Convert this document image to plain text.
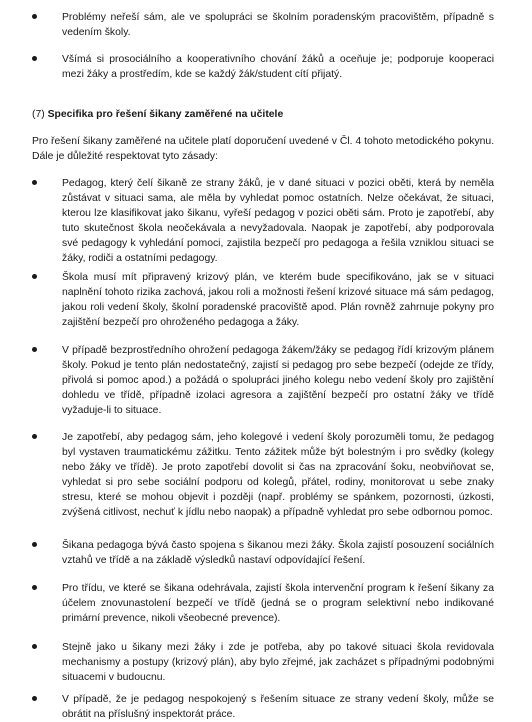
Problémy neřeší sám, ale ve spolupráci se školním poradenským pracovištěm, případně s vedením školy.
Všímá si prosociálního a kooperativního chování žáků a oceňuje je; podporuje kooperaci mezi žáky a prostředím, kde se každý žák/student cítí přijatý.
(7) Specifika pro řešení šikany zaměřené na učitele
Pro řešení šikany zaměřené na učitele platí doporučení uvedené v Čl. 4 tohoto metodického pokynu.
Dále je důležité respektovat tyto zásady:
Pedagog, který čelí šikaně ze strany žáků, je v dané situaci v pozici oběti, která by neměla zůstávat v situaci sama, ale měla by vyhledat pomoc ostatních. Nelze očekávat, že situaci, kterou lze klasifikovat jako šikanu, vyřeší pedagog v pozici oběti sám. Proto je zapotřebí, aby tuto skutečnost škola neočekávala a nevyžadovala. Naopak je zapotřebí, aby podporovala své pedagogy k vyhledání pomoci, zajistila bezpečí pro pedagoga a řešila vzniklou situaci se žáky, rodiči a ostatními pedagogy.
Škola musí mít připravený krizový plán, ve kterém bude specifikováno, jak se v situaci naplnění tohoto rizika zachová, jakou roli a možnosti řešení krizové situace má sám pedagog, jakou roli vedení školy, školní poradenské pracoviště apod. Plán rovněž zahrnuje pokyny pro zajištění bezpečí pro ohroženého pedagoga a žáky.
V případě bezprostředního ohrožení pedagoga žákem/žáky se pedagog řídí krizovým plánem školy. Pokud je tento plán nedostatečný, zajistí si pedagog pro sebe bezpečí (odejde ze třídy, přivolá si pomoc apod.) a požádá o spolupráci jiného kolegu nebo vedení školy pro zajištění dohledu ve třídě, případně izolaci agresora a zajištění bezpečí pro ostatní žáky ve třídě vyžaduje-li to situace.
Je zapotřebí, aby pedagog sám, jeho kolegové i vedení školy porozuměli tomu, že pedagog byl vystaven traumatickému zážitku. Tento zážitek může být bolestným i pro svědky (kolegy nebo žáky ve třídě). Je proto zapotřebí dovolit si čas na zpracování šoku, neobviňovat se, vyhledat si pro sebe sociální podporu od kolegů, přátel, rodiny, monitorovat u sebe znaky stresu, které se mohou objevit i později (např. problémy se spánkem, pozornosti, úzkosti, zvýšená citlivost, nechuť k jídlu nebo naopak) a případně vyhledat pro sebe odbornou pomoc.
Šikana pedagoga bývá často spojena s šikanou mezi žáky. Škola zajistí posouzení sociálních vztahů ve třídě a na základě výsledků nastaví odpovídající řešení.
Pro třídu, ve které se šikana odehrávala, zajistí škola intervenční program k řešení šikany za účelem znovunastolení bezpečí ve třídě (jedná se o program selektivní nebo indikované primární prevence, nikoli všeobecné prevence).
Stejně jako u šikany mezi žáky i zde je potřeba, aby po takové situaci škola revidovala mechanismy a postupy (krizový plán), aby bylo zřejmé, jak zacházet s případnými podobnými situacemi v budoucnu.
V případě, že je pedagog nespokojený s řešením situace ze strany vedení školy, může se obrátit na příslušný inspektorát práce.
